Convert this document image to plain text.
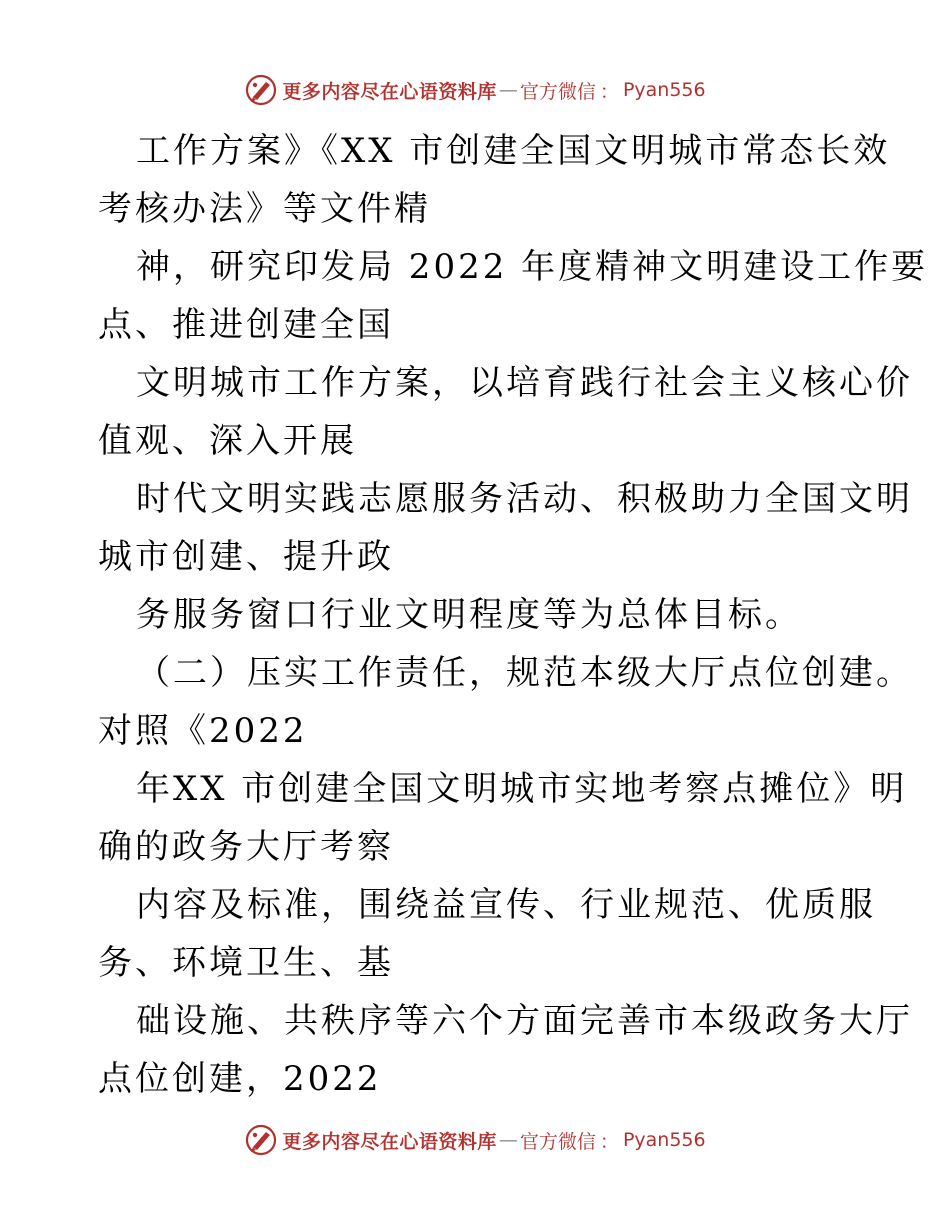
更多内容尽在心语资料库 — 官方微信 ： Pyan556
工作方案》《XX 市创建全国文明城市常态长效
考核办法》等文件精
神，研究印发局 2022 年度精神文明建设工作要
点、推进创建全国
文明城市工作方案，以培育践行社会主义核心价
值观、深入开展
时代文明实践志愿服务活动、积极助力全国文明
城市创建、提升政
务服务窗口行业文明程度等为总体目标。
（二）压实工作责任，规范本级大厅点位创建。
对照《2022
年XX 市创建全国文明城市实地考察点摊位》明
确的政务大厅考察
内容及标准，围绕益宣传、行业规范、优质服
务、环境卫生、基
础设施、共秩序等六个方面完善市本级政务大厅
点位创建，2022
更多内容尽在心语资料库 — 官方微信 ： Pyan556
